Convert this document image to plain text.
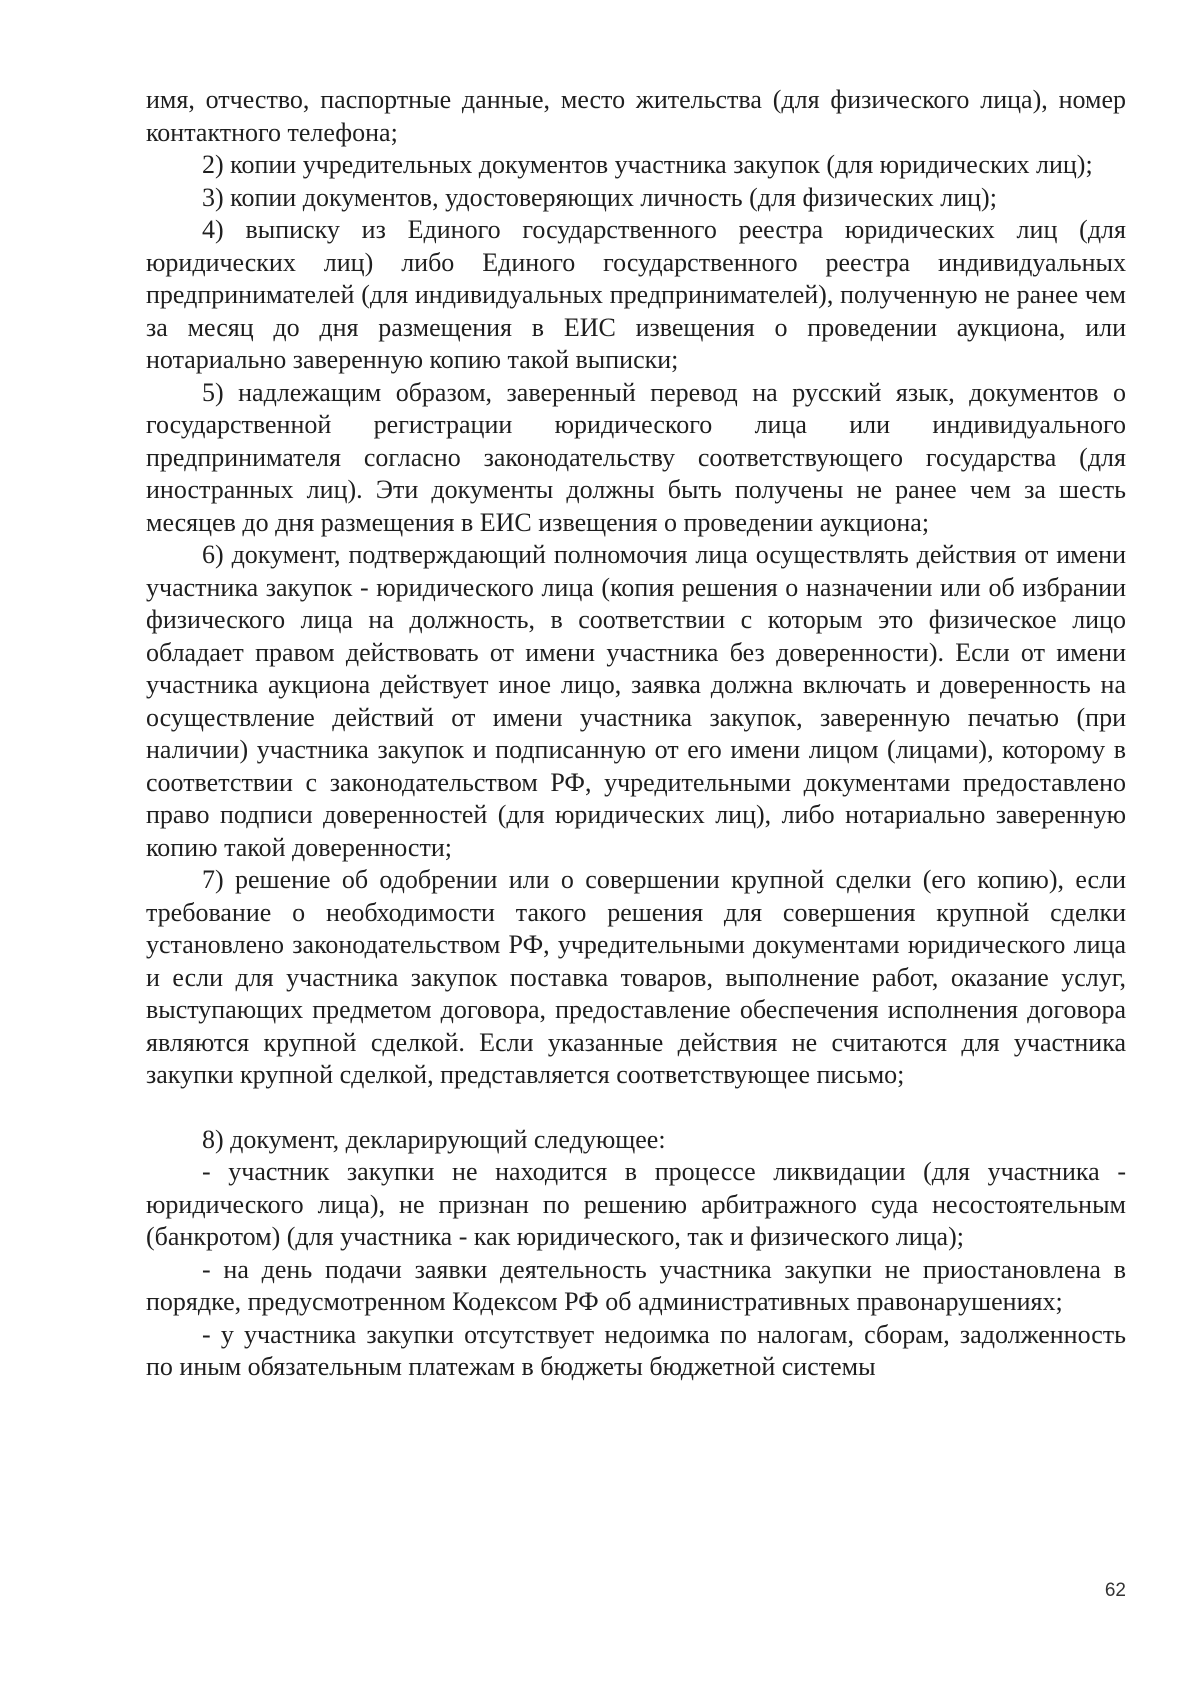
имя, отчество, паспортные данные, место жительства (для физического лица), номер контактного телефона;

2) копии учредительных документов участника закупок (для юридических лиц);

3) копии документов, удостоверяющих личность (для физических лиц);

4) выписку из Единого государственного реестра юридических лиц (для юридических лиц) либо Единого государственного реестра индивидуальных предпринимателей (для индивидуальных предпринимателей), полученную не ранее чем за месяц до дня размещения в ЕИС извещения о проведении аукциона, или нотариально заверенную копию такой выписки;

5) надлежащим образом, заверенный перевод на русский язык, документов о государственной регистрации юридического лица или индивидуального предпринимателя согласно законодательству соответствующего государства (для иностранных лиц). Эти документы должны быть получены не ранее чем за шесть месяцев до дня размещения в ЕИС извещения о проведении аукциона;

6) документ, подтверждающий полномочия лица осуществлять действия от имени участника закупок - юридического лица (копия решения о назначении или об избрании физического лица на должность, в соответствии с которым это физическое лицо обладает правом действовать от имени участника без доверенности). Если от имени участника аукциона действует иное лицо, заявка должна включать и доверенность на осуществление действий от имени участника закупок, заверенную печатью (при наличии) участника закупок и подписанную от его имени лицом (лицами), которому в соответствии с законодательством РФ, учредительными документами предоставлено право подписи доверенностей (для юридических лиц), либо нотариально заверенную копию такой доверенности;

7) решение об одобрении или о совершении крупной сделки (его копию), если требование о необходимости такого решения для совершения крупной сделки установлено законодательством РФ, учредительными документами юридического лица и если для участника закупок поставка товаров, выполнение работ, оказание услуг, выступающих предметом договора, предоставление обеспечения исполнения договора являются крупной сделкой. Если указанные действия не считаются для участника закупки крупной сделкой, представляется соответствующее письмо;

8) документ, декларирующий следующее:

- участник закупки не находится в процессе ликвидации (для участника - юридического лица), не признан по решению арбитражного суда несостоятельным (банкротом) (для участника - как юридического, так и физического лица);

- на день подачи заявки деятельность участника закупки не приостановлена в порядке, предусмотренном Кодексом РФ об административных правонарушениях;

- у участника закупки отсутствует недоимка по налогам, сборам, задолженность по иным обязательным платежам в бюджеты бюджетной системы

62
